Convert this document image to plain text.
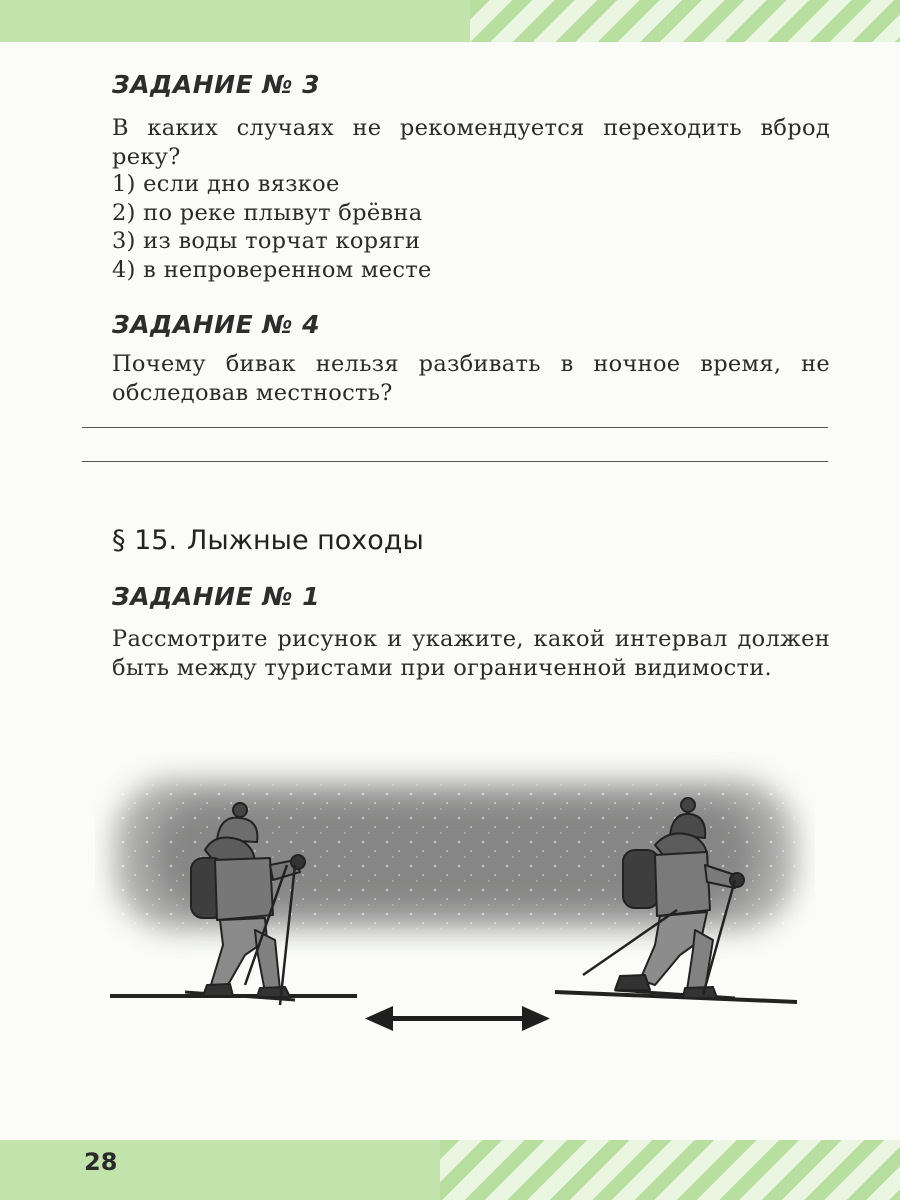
ЗАДАНИЕ № 3
В каких случаях не рекомендуется переходить вброд реку?
1) если дно вязкое
2) по реке плывут брёвна
3) из воды торчат коряги
4) в непроверенном месте
ЗАДАНИЕ № 4
Почему бивак нельзя разбивать в ночное время, не обследовав местность?
§ 15. Лыжные походы
ЗАДАНИЕ № 1
Рассмотрите рисунок и укажите, какой интервал должен быть между туристами при ограниченной видимости.
28
